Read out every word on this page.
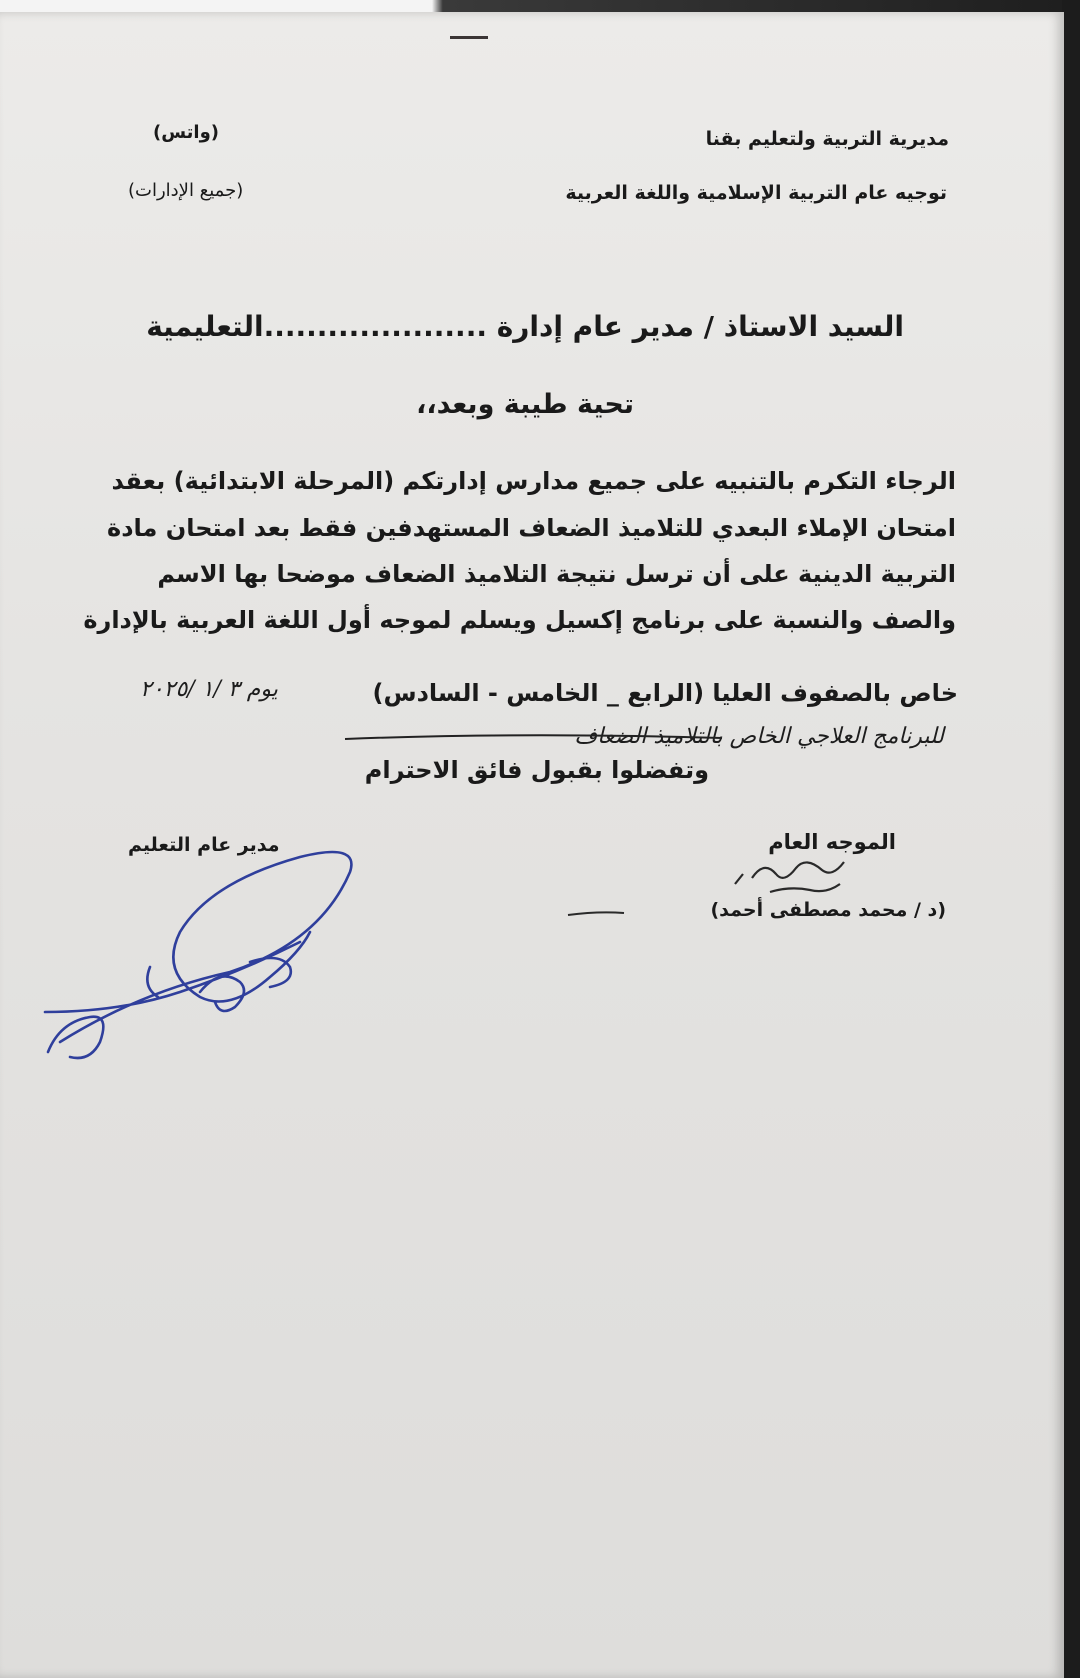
مديرية التربية ولتعليم بقنا
توجيه عام التربية الإسلامية واللغة العربية
(واتس)
(جميع الإدارات)
السيد الاستاذ / مدير عام إدارة .....................التعليمية
تحية طيبة وبعد،،
الرجاء التكرم بالتنبيه على جميع مدارس إدارتكم (المرحلة الابتدائية) بعقد
امتحان الإملاء البعدي للتلاميذ الضعاف المستهدفين فقط بعد امتحان مادة
التربية الدينية على أن ترسل نتيجة التلاميذ الضعاف موضحا بها الاسم
والصف والنسبة على برنامج إكسيل ويسلم لموجه أول اللغة العربية بالإدارة
خاص بالصفوف العليا (الرابع _ الخامس - السادس)
يوم ٣ /١ /٢٠٢٥
للبرنامج العلاجي الخاص بالتلاميذ الضعاف
وتفضلوا بقبول فائق الاحترام
الموجه العام
(د / محمد مصطفى أحمد)
مدير عام التعليم
